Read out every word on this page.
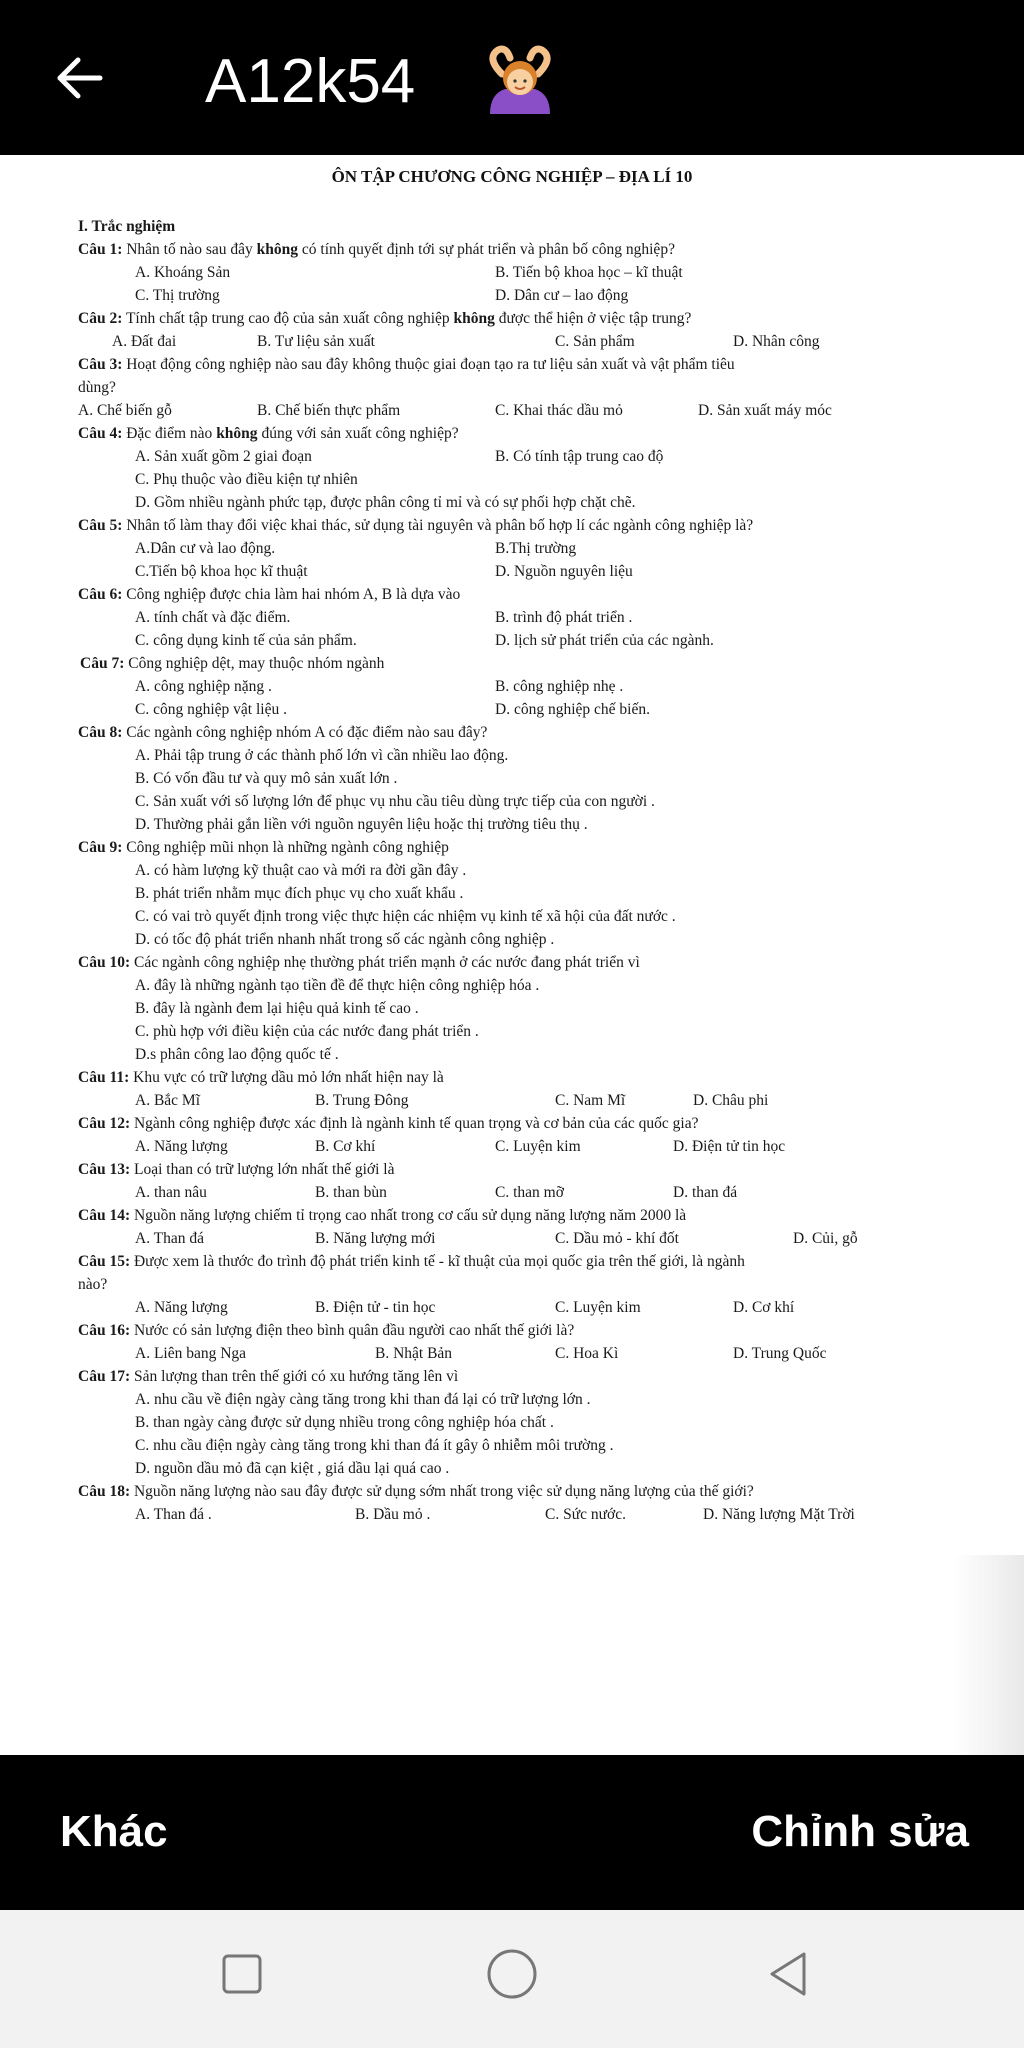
A12k54
ÔN TẬP CHƯƠNG CÔNG NGHIỆP – ĐỊA LÍ 10
I. Trắc nghiệm
Câu 1: Nhân tố nào sau đây không có tính quyết định tới sự phát triển và phân bố công nghiệp?
A. Khoáng Sản	B. Tiến bộ khoa học – kĩ thuật
C. Thị trường	D. Dân cư – lao động
Câu 2: Tính chất tập trung cao độ của sản xuất công nghiệp không được thể hiện ở việc tập trung?
A. Đất đai	B. Tư liệu sản xuất	C. Sản phẩm	D. Nhân công
Câu 3: Hoạt động công nghiệp nào sau đây không thuộc giai đoạn tạo ra tư liệu sản xuất và vật phẩm tiêu
dùng?
A. Chế biến gỗ	B. Chế biến thực phẩm	C. Khai thác dầu mỏ	D. Sản xuất máy móc
Câu 4: Đặc điểm nào không đúng với sản xuất công nghiệp?
A. Sản xuất gồm 2 giai đoạn	B. Có tính tập trung cao độ
C. Phụ thuộc vào điều kiện tự nhiên
D. Gồm nhiều ngành phức tạp, được phân công tỉ mỉ và có sự phối hợp chặt chẽ.
Câu 5: Nhân tố làm thay đổi việc khai thác, sử dụng tài nguyên và phân bố hợp lí các ngành công nghiệp là?
A.Dân cư và lao động.	B.Thị trường
C.Tiến bộ khoa học kĩ thuật	D. Nguồn nguyên liệu
Câu 6: Công nghiệp được chia làm hai nhóm A, B là dựa vào
A. tính chất và đặc điểm.	B. trình độ phát triển .
C. công dụng kinh tế của sản phẩm.	D. lịch sử phát triển của các ngành.
Câu 7: Công nghiệp dệt, may thuộc nhóm ngành
A. công nghiệp nặng .	B. công nghiệp nhẹ .
C. công nghiệp vật liệu .	D. công nghiệp chế biến.
Câu 8: Các ngành công nghiệp nhóm A có đặc điểm nào sau đây?
A. Phải tập trung ở các thành phố lớn vì cần nhiều lao động.
B. Có vốn đầu tư và quy mô sản xuất lớn .
C. Sản xuất với số lượng lớn để phục vụ nhu cầu tiêu dùng trực tiếp của con người .
D. Thường phải gắn liền với nguồn nguyên liệu hoặc thị trường tiêu thụ .
Câu 9: Công nghiệp mũi nhọn là những ngành công nghiệp
A. có hàm lượng kỹ thuật cao và mới ra đời gần đây .
B. phát triển nhằm mục đích phục vụ cho xuất khẩu .
C. có vai trò quyết định trong việc thực hiện các nhiệm vụ kinh tế xã hội của đất nước .
D. có tốc độ phát triển nhanh nhất trong số các ngành công nghiệp .
Câu 10: Các ngành công nghiệp nhẹ thường phát triển mạnh ở các nước đang phát triển vì
A. đây là những ngành tạo tiền đề để thực hiện công nghiệp hóa .
B. đây là ngành đem lại hiệu quả kinh tế cao .
C. phù hợp với điều kiện của các nước đang phát triển .
D.s phân công lao động quốc tế .
Câu 11: Khu vực có trữ lượng dầu mỏ lớn nhất hiện nay là
A. Bắc Mĩ	B. Trung Đông	C. Nam Mĩ	D. Châu phi
Câu 12: Ngành công nghiệp được xác định là ngành kinh tế quan trọng và cơ bản của các quốc gia?
A. Năng lượng	B. Cơ khí	C. Luyện kim	D. Điện tử tin học
Câu 13: Loại than có trữ lượng lớn nhất thế giới là
A. than nâu	B. than bùn	C. than mỡ	D. than đá
Câu 14: Nguồn năng lượng chiếm tỉ trọng cao nhất trong cơ cấu sử dụng năng lượng năm 2000 là
A. Than đá	B. Năng lượng mới	C. Dầu mỏ - khí đốt	D. Củi, gỗ
Câu 15: Được xem là thước đo trình độ phát triển kinh tế - kĩ thuật của mọi quốc gia trên thế giới, là ngành
nào?
A. Năng lượng	B. Điện tử - tin học	C. Luyện kim	D. Cơ khí
Câu 16: Nước có sản lượng điện theo bình quân đầu người cao nhất thế giới là?
A. Liên bang Nga	B. Nhật Bản	C. Hoa Kì	D. Trung Quốc
Câu 17: Sản lượng than trên thế giới có xu hướng tăng lên vì
A. nhu cầu về điện ngày càng tăng trong khi than đá lại có trữ lượng lớn .
B. than ngày càng được sử dụng nhiều trong công nghiệp hóa chất .
C. nhu cầu điện ngày càng tăng trong khi than đá ít gây ô nhiễm môi trường .
D. nguồn dầu mỏ đã cạn kiệt , giá dầu lại quá cao .
Câu 18: Nguồn năng lượng nào sau đây được sử dụng sớm nhất trong việc sử dụng năng lượng của thế giới?
A. Than đá .	B. Dầu mỏ .	C. Sức nước.	D. Năng lượng Mặt Trời
Khác	Chỉnh sửa
